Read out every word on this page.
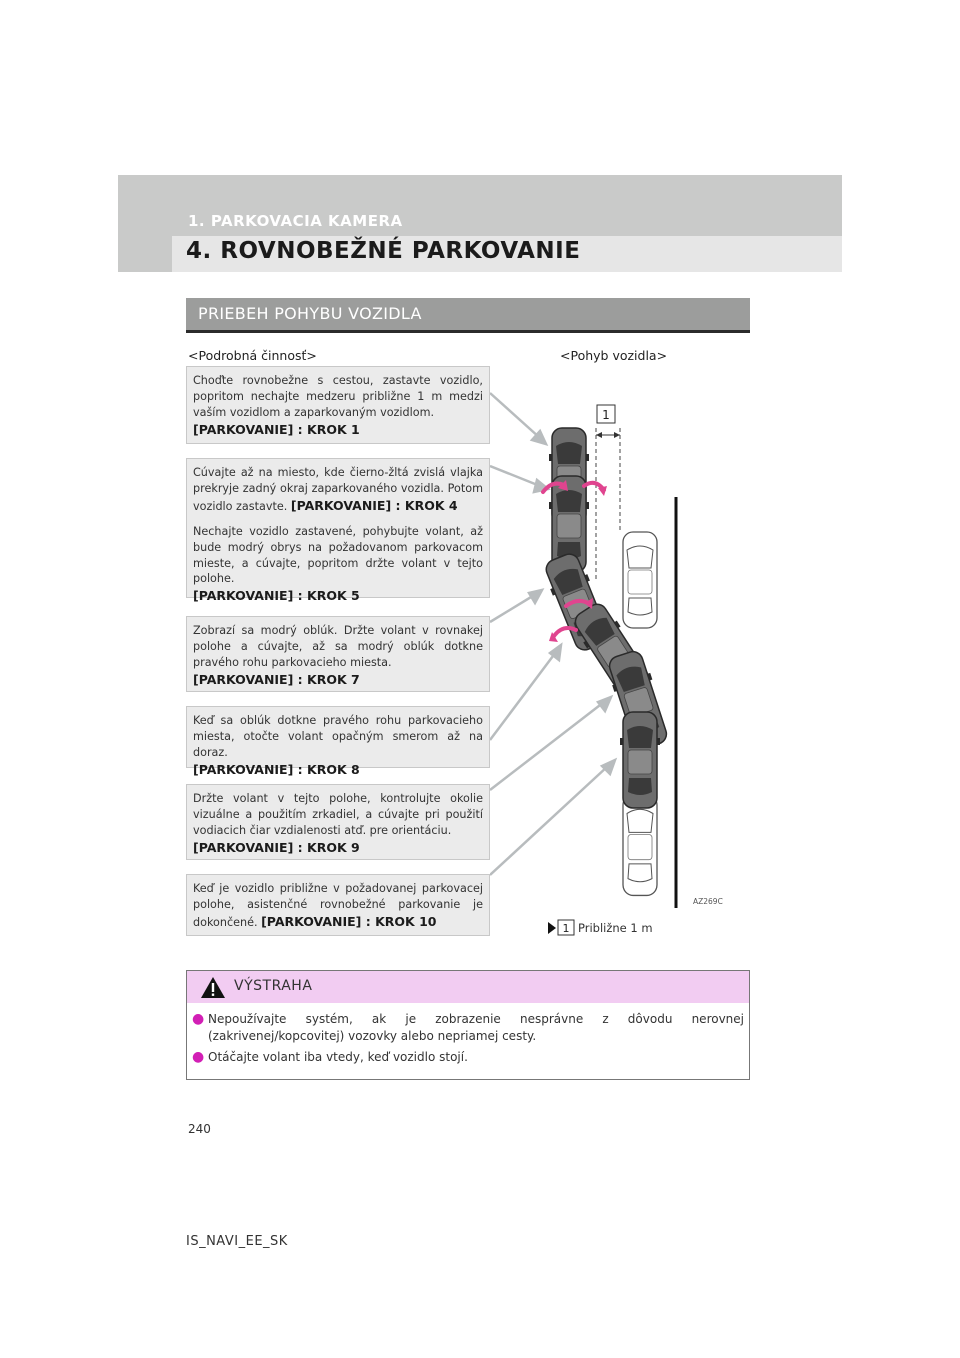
1. PARKOVACIA KAMERA
4. ROVNOBEŽNÉ PARKOVANIE
PRIEBEH POHYBU VOZIDLA
<Podrobná činnosť>	<Pohyb vozidla>
Choďte rovnobežne s cestou, zastavte vozidlo, popritom nechajte medzeru približne 1 m medzi vaším vozidlom a zaparkovaným vozidlom.
[PARKOVANIE] : KROK 1
Cúvajte až na miesto, kde čierno-žltá zvislá vlajka prekryje zadný okraj zaparkovaného vozidla. Potom vozidlo zastavte. [PARKOVANIE] : KROK 4
Nechajte vozidlo zastavené, pohybujte volant, až bude modrý obrys na požadovanom parkovacom mieste, a cúvajte, popritom držte volant v tejto polohe.
[PARKOVANIE] : KROK 5
Zobrazí sa modrý oblúk. Držte volant v rovnakej polohe a cúvajte, až sa modrý oblúk dotkne pravého rohu parkovacieho miesta.
[PARKOVANIE] : KROK 7
Keď sa oblúk dotkne pravého rohu parkovacieho miesta, otočte volant opačným smerom až na doraz.
[PARKOVANIE] : KROK 8
Držte volant v tejto polohe, kontrolujte okolie vizuálne a použitím zrkadiel, a cúvajte pri použití vodiacich čiar vzdialenosti atď. pre orientáciu.
[PARKOVANIE] : KROK 9
Keď je vozidlo približne v požadovanej parkovacej polohe, asistenčné rovnobežné parkovanie je dokončené. [PARKOVANIE] : KROK 10
1
AZ269C
1 Približne 1 m
VÝSTRAHA
● Nepoužívajte systém, ak je zobrazenie nesprávne z dôvodu nerovnej (zakrivenej/kopcovitej) vozovky alebo nepriamej cesty.
● Otáčajte volant iba vtedy, keď vozidlo stojí.
240
IS_NAVI_EE_SK
